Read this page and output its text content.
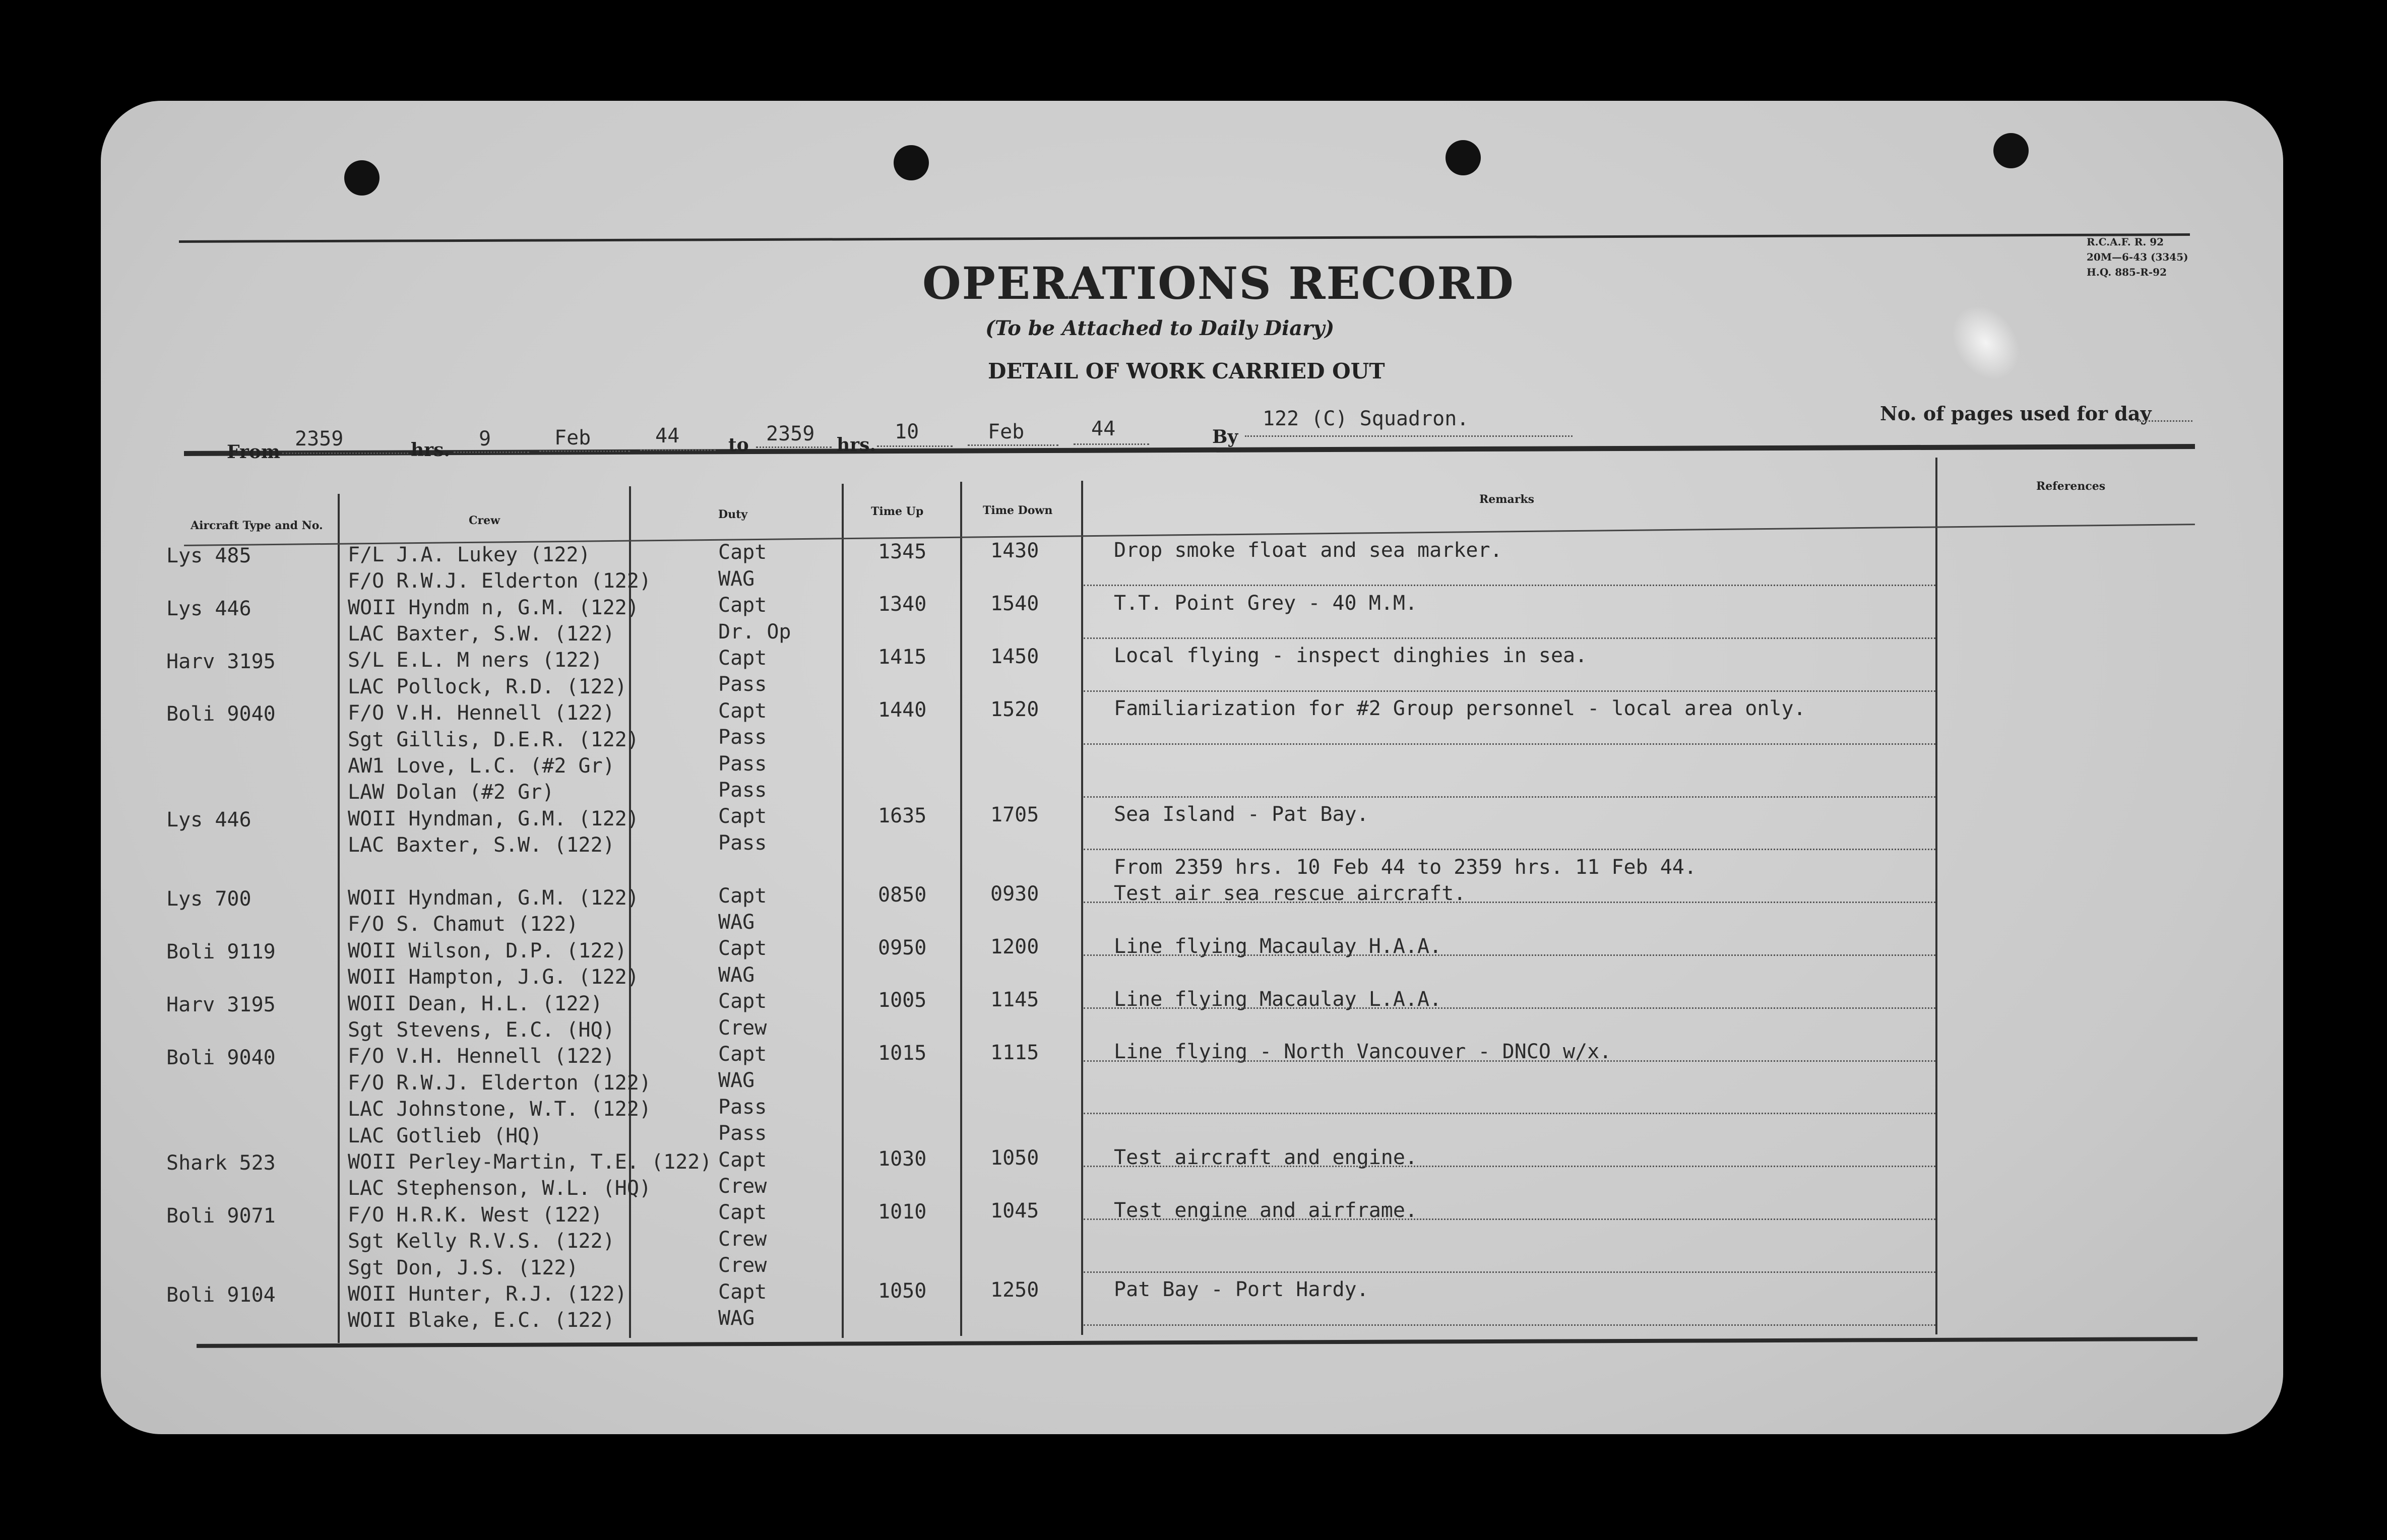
OPERATIONS RECORD
(To be Attached to Daily Diary)
DETAIL OF WORK CARRIED OUT
R.C.A.F. R. 92
20M—6-43 (3345)
H.Q. 885-R-92
No. of pages used for day
From
2359	hrs. 9	Feb	44	to 2359 hrs.
10	Feb	44	By
122 (C) Squadron.
Aircraft Type and No.	Crew	Duty	Time Up	Time Down
Remarks
References
Lys 485	F/L J.A. Lukey (122)	Capt	1345	1430	Drop smoke float and sea marker.
F/O R.W.J. Elderton (122)	WAG
Lys 446	WOII Hyndm n, G.M. (122)	Capt	1340	1540	T.T. Point Grey - 40 M.M.
LAC Baxter, S.W. (122)	Dr. Op
Harv 3195	S/L E.L. M ners (122)	Capt	1415	1450	Local flying - inspect dinghies in sea.
LAC Pollock, R.D. (122)	Pass
Boli 9040	F/O V.H. Hennell (122)	Capt	1440	1520	Familiarization for #2 Group personnel - local area only.
Sgt Gillis, D.E.R. (122)	Pass
AW1 Love, L.C. (#2 Gr)	Pass
LAW Dolan (#2 Gr)	Pass
Lys 446	WOII Hyndman, G.M. (122)	Capt	1635	1705	Sea Island - Pat Bay.
LAC Baxter, S.W. (122)	Pass
From 2359 hrs. 10 Feb 44 to 2359 hrs. 11 Feb 44.
Lys 700	WOII Hyndman, G.M. (122)	Capt	0850	0930	Test air sea rescue aircraft.
F/O S. Chamut (122)	WAG
Boli 9119	WOII Wilson, D.P. (122)	Capt	0950	1200	Line flying Macaulay H.A.A.
WOII Hampton, J.G. (122)	WAG
Harv 3195	WOII Dean, H.L. (122)	Capt	1005	1145	Line flying Macaulay L.A.A.
Sgt Stevens, E.C. (HQ)	Crew
Boli 9040	F/O V.H. Hennell (122)	Capt	1015	1115	Line flying - North Vancouver - DNCO w/x.
F/O R.W.J. Elderton (122)	WAG
LAC Johnstone, W.T. (122)	Pass
LAC Gotlieb (HQ)	Pass
Shark 523	WOII Perley-Martin, T.E. (122) Capt	1030	1050	Test aircraft and engine.
LAC Stephenson, W.L. (HQ)	Crew
Boli 9071	F/O H.R.K. West (122)	Capt	1010	1045	Test engine and airframe.
Sgt Kelly R.V.S. (122)	Crew
Sgt Don, J.S. (122)	Crew
Boli 9104	WOII Hunter, R.J. (122)	Capt	1050	1250	Pat Bay - Port Hardy.
WOII Blake, E.C. (122)	WAG
